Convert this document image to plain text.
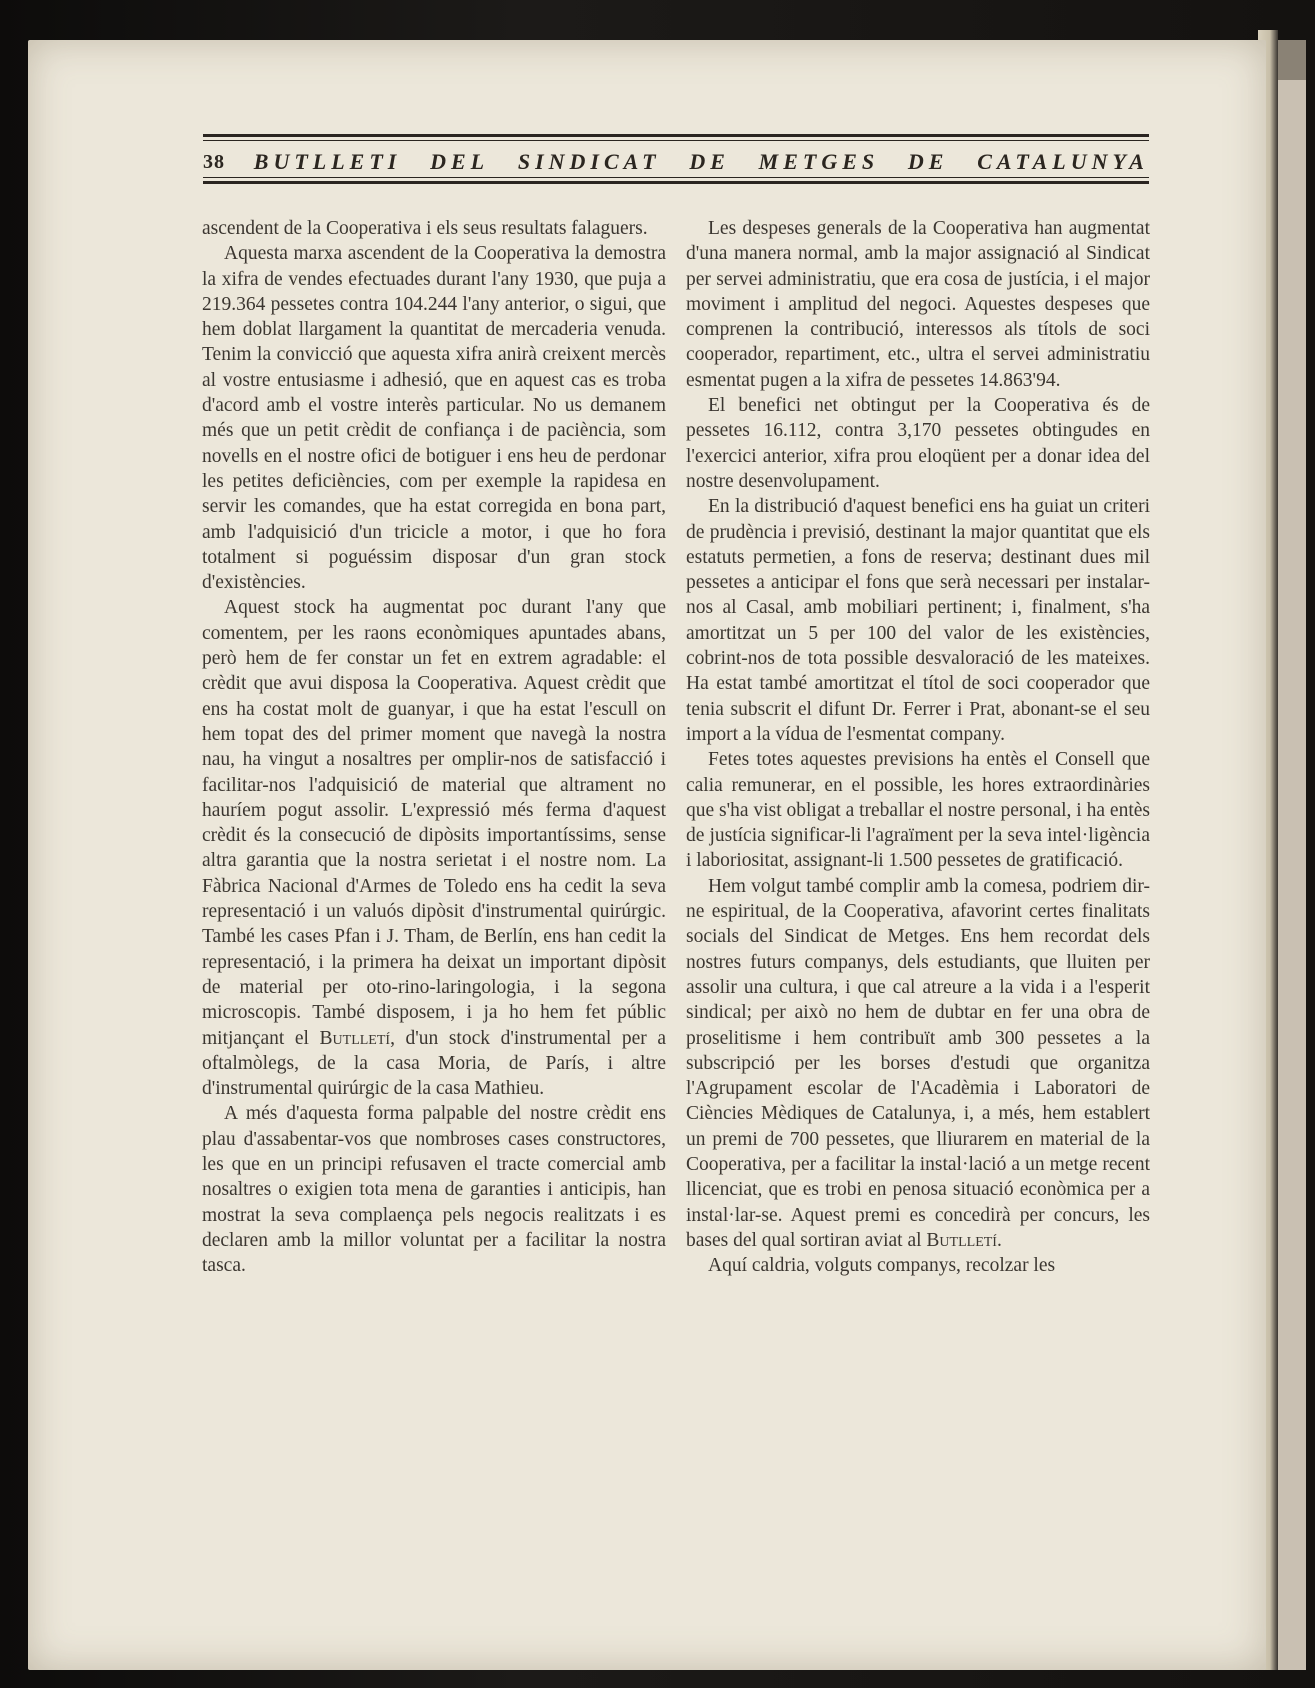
38 BUTLLETI DEL SINDICAT DE METGES DE CATALUNYA

ascendent de la Cooperativa i els seus resultats falaguers.

Aquesta marxa ascendent de la Cooperativa la demostra la xifra de vendes efectuades durant l'any 1930, que puja a 219.364 pessetes contra 104.244 l'any anterior, o sigui, que hem doblat llargament la quantitat de mercaderia venuda. Tenim la convicció que aquesta xifra anirà creixent mercès al vostre entusiasme i adhesió, que en aquest cas es troba d'acord amb el vostre interès particular. No us demanem més que un petit crèdit de confiança i de paciència, som novells en el nostre ofici de botiguer i ens heu de perdonar les petites deficiències, com per exemple la rapidesa en servir les comandes, que ha estat corregida en bona part, amb l'adquisició d'un tricicle a motor, i que ho fora totalment si poguéssim disposar d'un gran stock d'existències.

Aquest stock ha augmentat poc durant l'any que comentem, per les raons econòmiques apuntades abans, però hem de fer constar un fet en extrem agradable: el crèdit que avui disposa la Cooperativa. Aquest crèdit que ens ha costat molt de guanyar, i que ha estat l'escull on hem topat des del primer moment que navegà la nostra nau, ha vingut a nosaltres per omplir-nos de satisfacció i facilitar-nos l'adquisició de material que altrament no hauríem pogut assolir. L'expressió més ferma d'aquest crèdit és la consecució de dipòsits importantíssims, sense altra garantia que la nostra serietat i el nostre nom. La Fàbrica Nacional d'Armes de Toledo ens ha cedit la seva representació i un valuós dipòsit d'instrumental quirúrgic. També les cases Pfan i J. Tham, de Berlín, ens han cedit la representació, i la primera ha deixat un important dipòsit de material per oto-rino-laringologia, i la segona microscopis. També disposem, i ja ho hem fet públic mitjançant el Butlletí, d'un stock d'instrumental per a oftalmòlegs, de la casa Moria, de París, i altre d'instrumental quirúrgic de la casa Mathieu.

A més d'aquesta forma palpable del nostre crèdit ens plau d'assabentar-vos que nombroses cases constructores, les que en un principi refusaven el tracte comercial amb nosaltres o exigien tota mena de garanties i anticipis, han mostrat la seva complaença pels negocis realitzats i es declaren amb la millor voluntat per a facilitar la nostra tasca.

Les despeses generals de la Cooperativa han augmentat d'una manera normal, amb la major assignació al Sindicat per servei administratiu, que era cosa de justícia, i el major moviment i amplitud del negoci. Aquestes despeses que comprenen la contribució, interessos als títols de soci cooperador, repartiment, etc., ultra el servei administratiu esmentat pugen a la xifra de pessetes 14.863'94.

El benefici net obtingut per la Cooperativa és de pessetes 16.112, contra 3,170 pessetes obtingudes en l'exercici anterior, xifra prou eloqüent per a donar idea del nostre desenvolupament.

En la distribució d'aquest benefici ens ha guiat un criteri de prudència i previsió, destinant la major quantitat que els estatuts permetien, a fons de reserva; destinant dues mil pessetes a anticipar el fons que serà necessari per instalar-nos al Casal, amb mobiliari pertinent; i, finalment, s'ha amortitzat un 5 per 100 del valor de les existències, cobrint-nos de tota possible desvaloració de les mateixes. Ha estat també amortitzat el títol de soci cooperador que tenia subscrit el difunt Dr. Ferrer i Prat, abonant-se el seu import a la vídua de l'esmentat company.

Fetes totes aquestes previsions ha entès el Consell que calia remunerar, en el possible, les hores extraordinàries que s'ha vist obligat a treballar el nostre personal, i ha entès de justícia significar-li l'agraïment per la seva intel·ligència i laboriositat, assignant-li 1.500 pessetes de gratificació.

Hem volgut també complir amb la comesa, podriem dir-ne espiritual, de la Cooperativa, afavorint certes finalitats socials del Sindicat de Metges. Ens hem recordat dels nostres futurs companys, dels estudiants, que lluiten per assolir una cultura, i que cal atreure a la vida i a l'esperit sindical; per això no hem de dubtar en fer una obra de proselitisme i hem contribuït amb 300 pessetes a la subscripció per les borses d'estudi que organitza l'Agrupament escolar de l'Acadèmia i Laboratori de Ciències Mèdiques de Catalunya, i, a més, hem establert un premi de 700 pessetes, que lliurarem en material de la Cooperativa, per a facilitar la instal·lació a un metge recent llicenciat, que es trobi en penosa situació econòmica per a instal·lar-se. Aquest premi es concedirà per concurs, les bases del qual sortiran aviat al Butlletí.

Aquí caldria, volguts companys, recolzar les
